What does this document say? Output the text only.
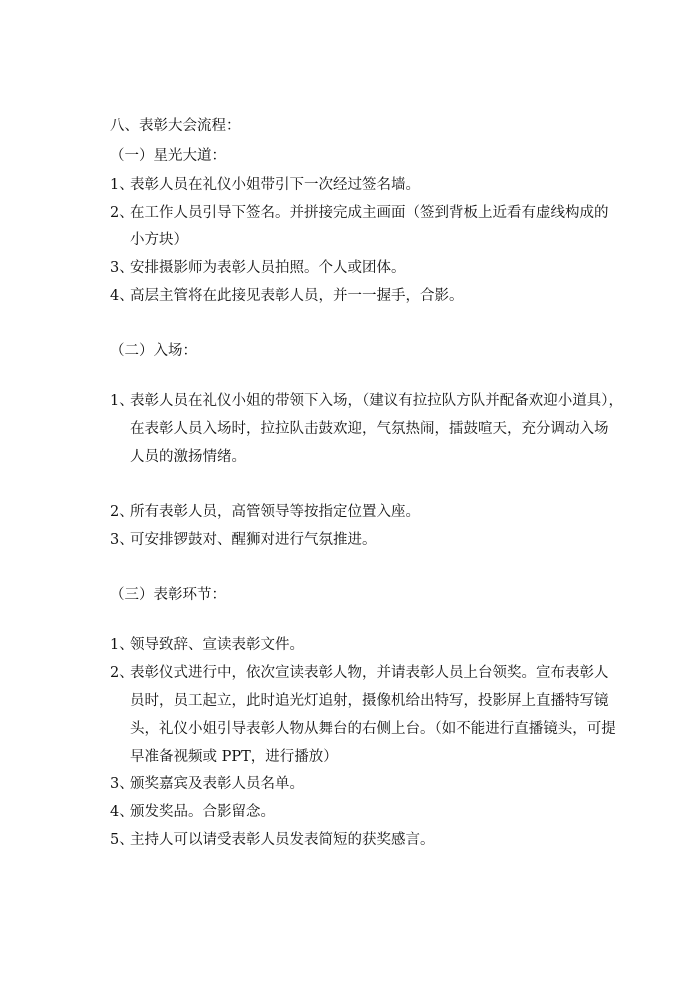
八、表彰大会流程：
（一）星光大道：
1、表彰人员在礼仪小姐带引下一次经过签名墙。
2、在工作人员引导下签名。并拼接完成主画面（签到背板上近看有虚线构成的
小方块）
3、安排摄影师为表彰人员拍照。个人或团体。
4、高层主管将在此接见表彰人员，并一一握手，合影。
（二）入场：
1、表彰人员在礼仪小姐的带领下入场，（建议有拉拉队方队并配备欢迎小道具），
在表彰人员入场时，拉拉队击鼓欢迎，气氛热闹，擂鼓喧天，充分调动入场
人员的激扬情绪。
2、所有表彰人员，高管领导等按指定位置入座。
3、可安排锣鼓对、醒狮对进行气氛推进。
（三）表彰环节：
1、领导致辞、宣读表彰文件。
2、表彰仪式进行中，依次宣读表彰人物，并请表彰人员上台领奖。宣布表彰人
员时，员工起立，此时追光灯追射，摄像机给出特写，投影屏上直播特写镜
头，礼仪小姐引导表彰人物从舞台的右侧上台。（如不能进行直播镜头，可提
早准备视频或 PPT，进行播放）
3、颁奖嘉宾及表彰人员名单。
4、颁发奖品。合影留念。
5、主持人可以请受表彰人员发表简短的获奖感言。
